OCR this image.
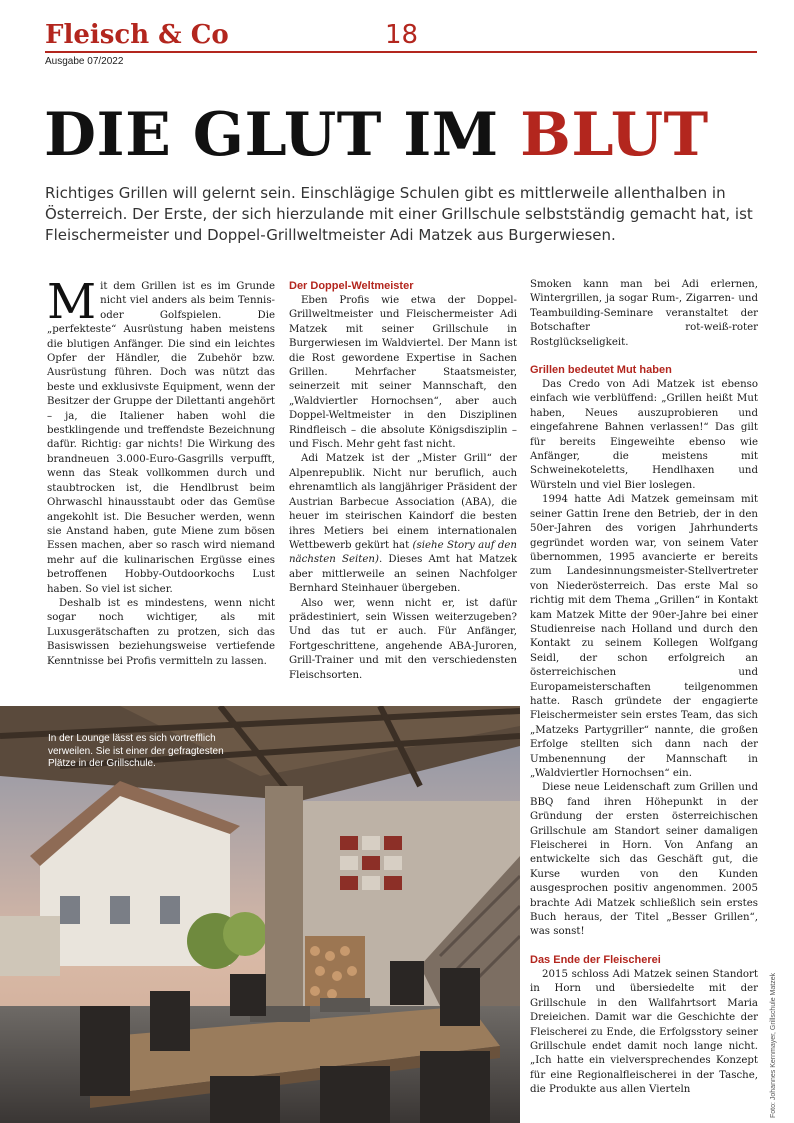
Fleisch & Co	18
Ausgabe 07/2022
DIE GLUT IM BLUT

Richtiges Grillen will gelernt sein. Einschlägige Schulen gibt es mittlerweile allenthalben in Österreich. Der Erste, der sich hierzulande mit einer Grillschule selbstständig gemacht hat, ist Fleischermeister und Doppel-Grillweltmeister Adi Matzek aus Burgerwiesen.

Mit dem Grillen ist es im Grunde nicht viel anders als beim Tennis- oder Golfspielen. Die „perfekteste“ Ausrüstung haben meistens die blutigen Anfänger. Die sind ein leichtes Opfer der Händler, die Zubehör bzw. Ausrüstung führen. Doch was nützt das beste und exklusivste Equipment, wenn der Besitzer der Gruppe der Dilettanti angehört – ja, die Italiener haben wohl die bestklingende und treffendste Bezeichnung dafür. Richtig: gar nichts! Die Wirkung des brandneuen 3.000-Euro-Gasgrills verpufft, wenn das Steak vollkommen durch und staubtrocken ist, die Hendlbrust beim Ohrwaschl hinausstaubt oder das Gemüse angekohlt ist. Die Besucher werden, wenn sie Anstand haben, gute Miene zum bösen Essen machen, aber so rasch wird niemand mehr auf die kulinarischen Ergüsse eines betroffenen Hobby-Outdoorkochs Lust haben. So viel ist sicher.

Deshalb ist es mindestens, wenn nicht sogar noch wichtiger, als mit Luxusgerätschaften zu protzen, sich das Basiswissen beziehungsweise vertiefende Kenntnisse bei Profis vermitteln zu lassen.

Der Doppel-Weltmeister

Eben Profis wie etwa der Doppel-Grillweltmeister und Fleischermeister Adi Matzek mit seiner Grillschule in Burgerwiesen im Waldviertel. Der Mann ist die Rost gewordene Expertise in Sachen Grillen. Mehrfacher Staatsmeister, seinerzeit mit seiner Mannschaft, den „Waldviertler Hornochsen“, aber auch Doppel-Weltmeister in den Disziplinen Rindfleisch – die absolute Königsdisziplin – und Fisch. Mehr geht fast nicht.

Adi Matzek ist der „Mister Grill“ der Alpenrepublik. Nicht nur beruflich, auch ehrenamtlich als langjähriger Präsident der Austrian Barbecue Association (ABA), die heuer im steirischen Kaindorf die besten ihres Metiers bei einem internationalen Wettbewerb gekürt hat (siehe Story auf den nächsten Seiten). Dieses Amt hat Matzek aber mittlerweile an seinen Nachfolger Bernhard Steinhauer übergeben.

Also wer, wenn nicht er, ist dafür prädestiniert, sein Wissen weiterzugeben? Und das tut er auch. Für Anfänger, Fortgeschrittene, angehende ABA-Juroren, Grill-Trainer und mit den verschiedensten Fleischsorten.

Smoken kann man bei Adi erlernen, Wintergrillen, ja sogar Rum-, Zigarren- und Teambuilding-Seminare veranstaltet der Botschafter rot-weiß-roter Rostglückseligkeit.

Grillen bedeutet Mut haben

Das Credo von Adi Matzek ist ebenso einfach wie verblüffend: „Grillen heißt Mut haben, Neues auszuprobieren und eingefahrene Bahnen verlassen!“ Das gilt für bereits Eingeweihte ebenso wie Anfänger, die meistens mit Schweinekoteletts, Hendlhaxen und Würsteln und viel Bier loslegen.

1994 hatte Adi Matzek gemeinsam mit seiner Gattin Irene den Betrieb, der in den 50er-Jahren des vorigen Jahrhunderts gegründet worden war, von seinem Vater übernommen, 1995 avancierte er bereits zum Landesinnungsmeister-Stellvertreter von Niederösterreich. Das erste Mal so richtig mit dem Thema „Grillen“ in Kontakt kam Matzek Mitte der 90er-Jahre bei einer Studienreise nach Holland und durch den Kontakt zu seinem Kollegen Wolfgang Seidl, der schon erfolgreich an österreichischen und Europameisterschaften teilgenommen hatte. Rasch gründete der engagierte Fleischermeister sein erstes Team, das sich „Matzeks Partygriller“ nannte, die großen Erfolge stellten sich dann nach der Umbenennung der Mannschaft in „Waldviertler Hornochsen“ ein.

Diese neue Leidenschaft zum Grillen und BBQ fand ihren Höhepunkt in der Gründung der ersten österreichischen Grillschule am Standort seiner damaligen Fleischerei in Horn. Von Anfang an entwickelte sich das Geschäft gut, die Kurse wurden von den Kunden ausgesprochen positiv angenommen. 2005 brachte Adi Matzek schließlich sein erstes Buch heraus, der Titel „Besser Grillen“, was sonst!

Das Ende der Fleischerei

2015 schloss Adi Matzek seinen Standort in Horn und übersiedelte mit der Grillschule in den Wallfahrtsort Maria Dreieichen. Damit war die Geschichte der Fleischerei zu Ende, die Erfolgsstory seiner Grillschule endet damit noch lange nicht. „Ich hatte ein vielversprechendes Konzept für eine Regionalfleischerei in der Tasche, die Produkte aus allen Vierteln

In der Lounge lässt es sich vortrefflich verweilen. Sie ist einer der gefragtesten Plätze in der Grillschule.
Foto: Johannes Kernmayer, Grillschule Matzek
